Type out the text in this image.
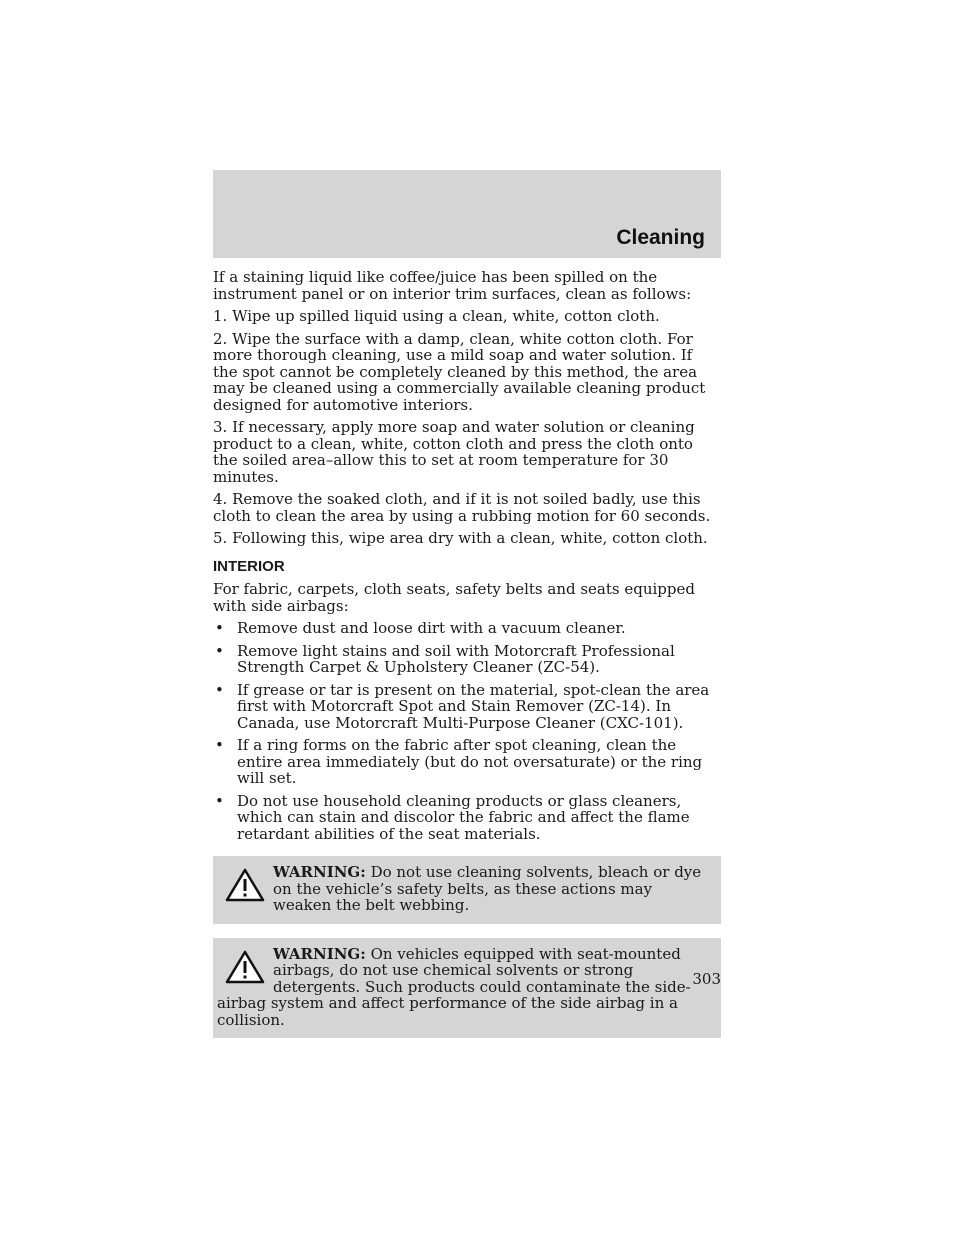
Cleaning

If a staining liquid like coffee/juice has been spilled on the instrument panel or on interior trim surfaces, clean as follows:

1. Wipe up spilled liquid using a clean, white, cotton cloth.

2. Wipe the surface with a damp, clean, white cotton cloth. For more thorough cleaning, use a mild soap and water solution. If the spot cannot be completely cleaned by this method, the area may be cleaned using a commercially available cleaning product designed for automotive interiors.

3. If necessary, apply more soap and water solution or cleaning product to a clean, white, cotton cloth and press the cloth onto the soiled area–allow this to set at room temperature for 30 minutes.

4. Remove the soaked cloth, and if it is not soiled badly, use this cloth to clean the area by using a rubbing motion for 60 seconds.

5. Following this, wipe area dry with a clean, white, cotton cloth.

INTERIOR

For fabric, carpets, cloth seats, safety belts and seats equipped with side airbags:

• Remove dust and loose dirt with a vacuum cleaner.
• Remove light stains and soil with Motorcraft Professional Strength Carpet & Upholstery Cleaner (ZC-54).
• If grease or tar is present on the material, spot-clean the area first with Motorcraft Spot and Stain Remover (ZC-14). In Canada, use Motorcraft Multi-Purpose Cleaner (CXC-101).
• If a ring forms on the fabric after spot cleaning, clean the entire area immediately (but do not oversaturate) or the ring will set.
• Do not use household cleaning products or glass cleaners, which can stain and discolor the fabric and affect the flame retardant abilities of the seat materials.
WARNING: Do not use cleaning solvents, bleach or dye on the vehicle’s safety belts, as these actions may weaken the belt webbing.
WARNING: On vehicles equipped with seat-mounted airbags, do not use chemical solvents or strong detergents. Such products could contaminate the side-airbag system and affect performance of the side airbag in a collision.
303
